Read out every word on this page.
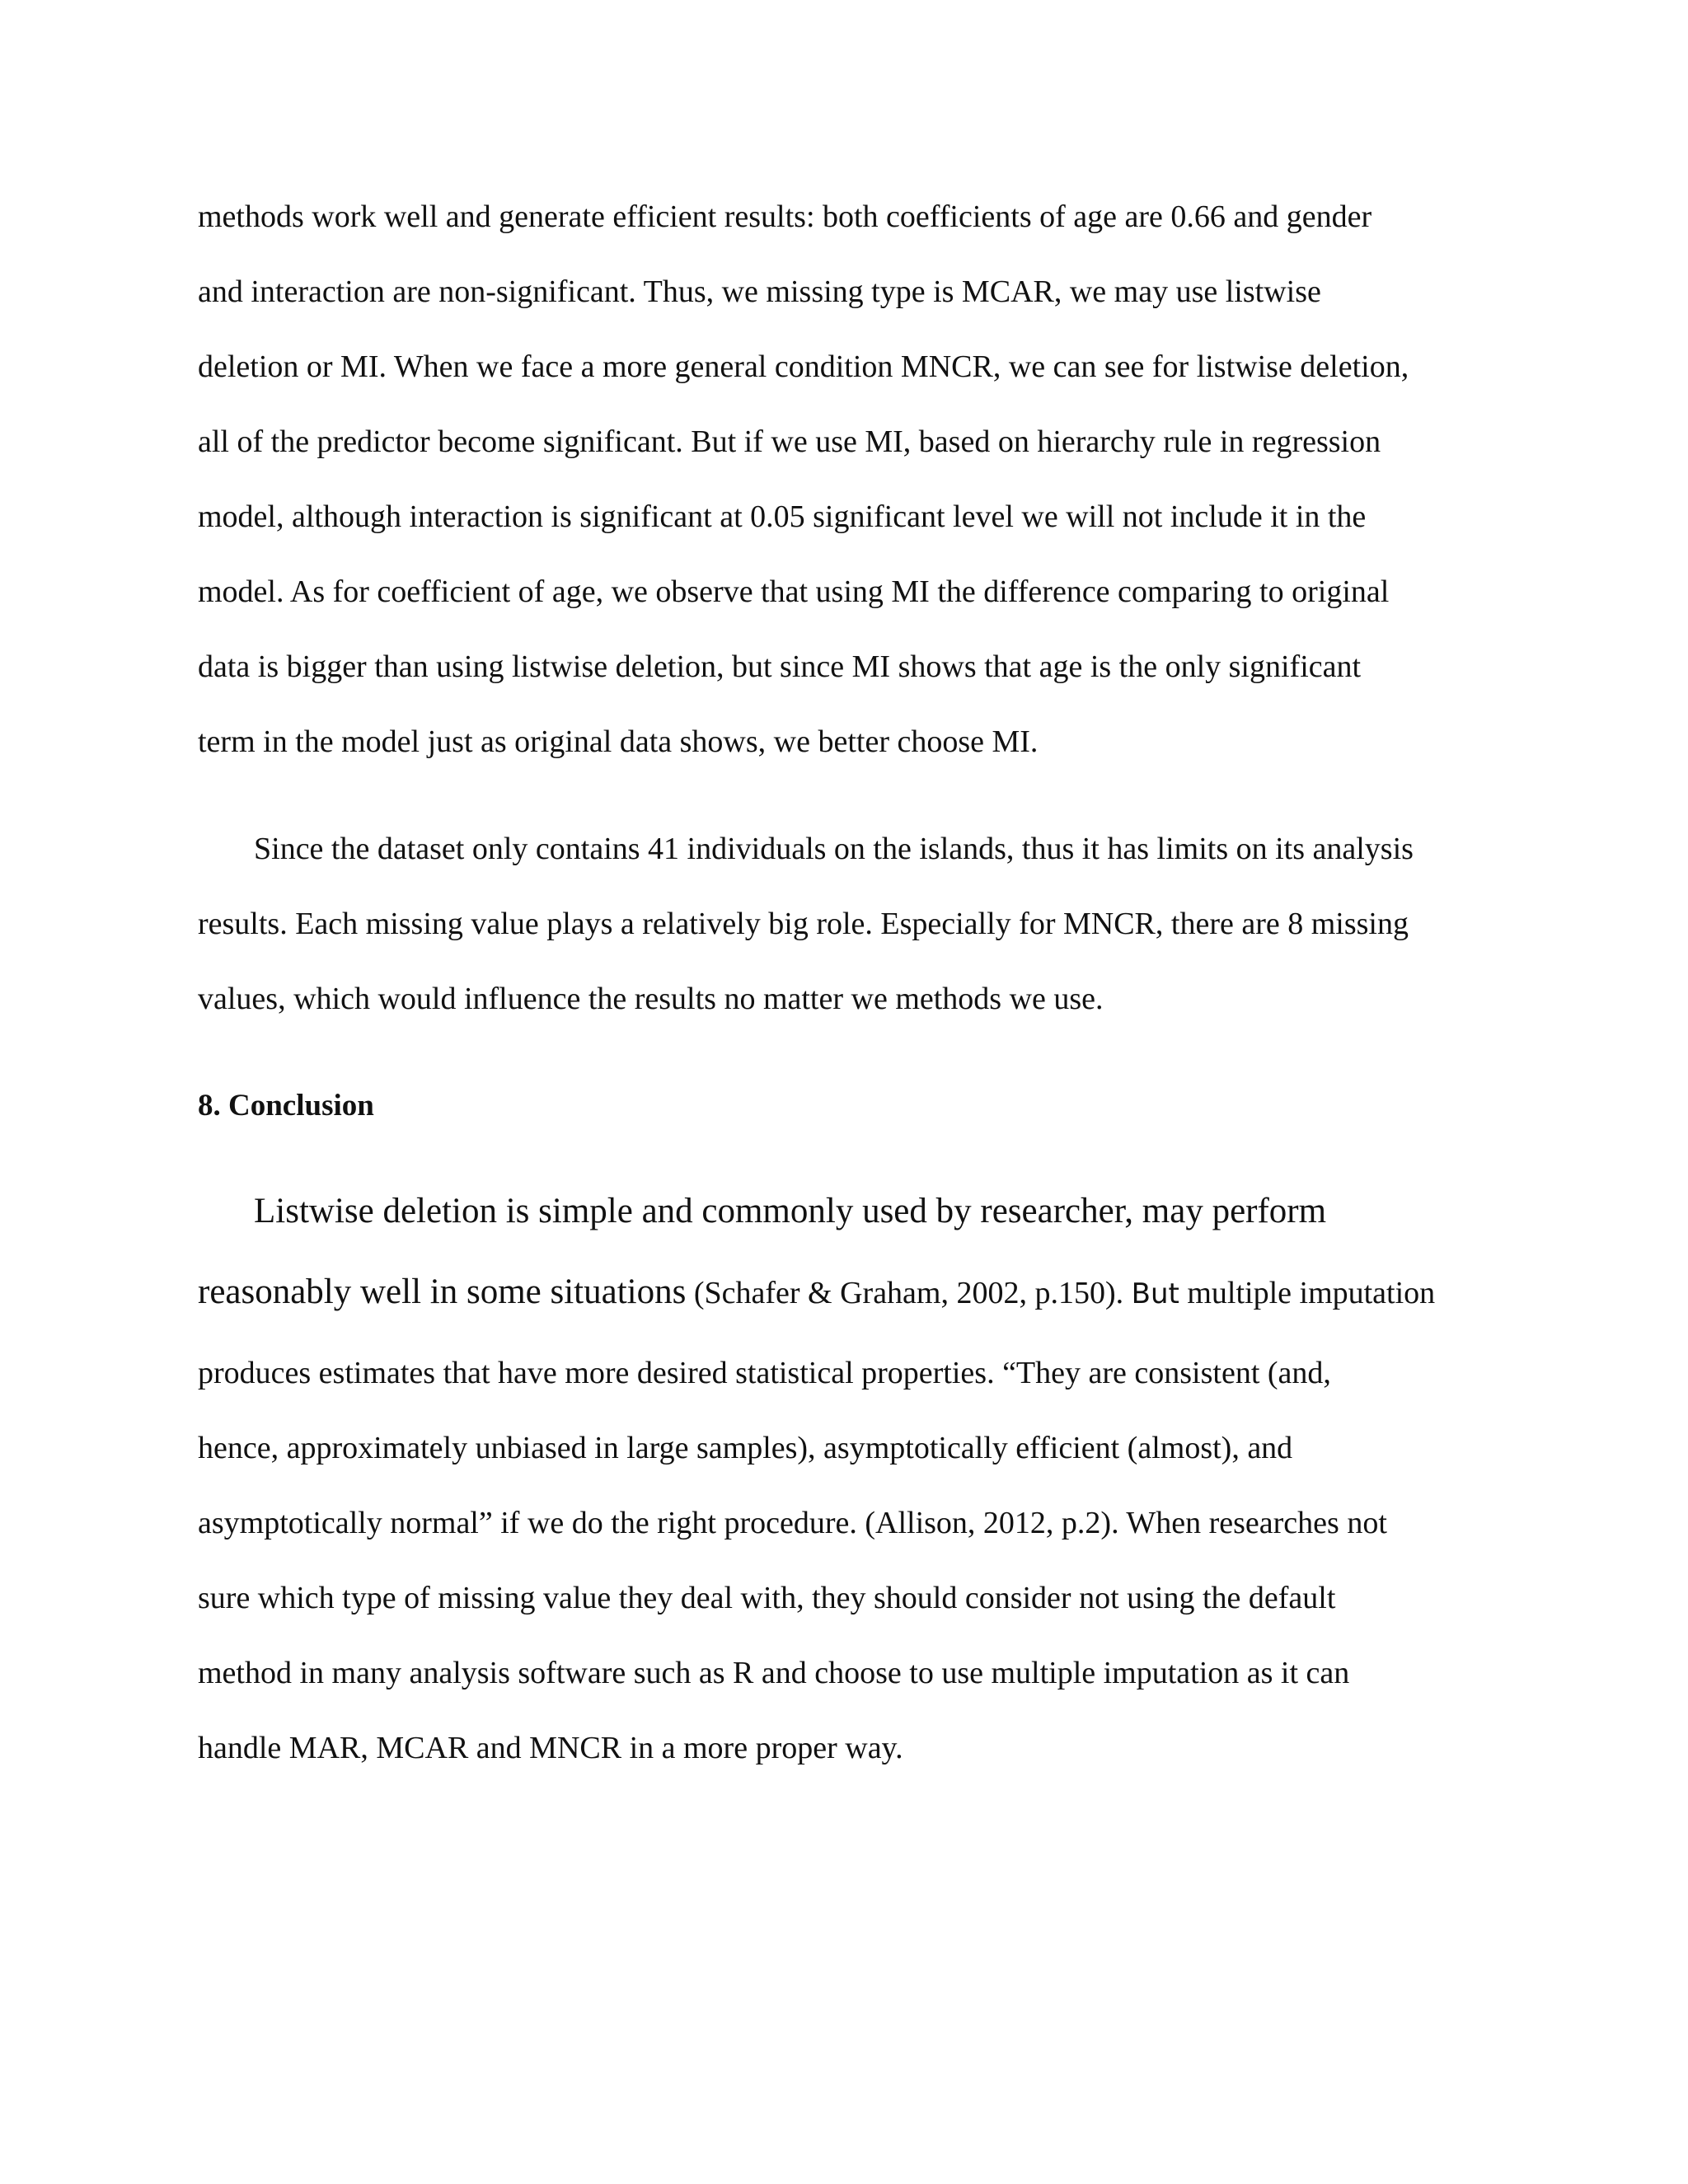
methods work well and generate efficient results: both coefficients of age are 0.66 and gender

and interaction are non-significant. Thus, we missing type is MCAR, we may use listwise

deletion or MI. When we face a more general condition MNCR, we can see for listwise deletion,

all of the predictor become significant. But if we use MI, based on hierarchy rule in regression

model, although interaction is significant at 0.05 significant level we will not include it in the

model. As for coefficient of age, we observe that using MI the difference comparing to original

data is bigger than using listwise deletion, but since MI shows that age is the only significant

term in the model just as original data shows, we better choose MI.

Since the dataset only contains 41 individuals on the islands, thus it has limits on its analysis

results. Each missing value plays a relatively big role. Especially for MNCR, there are 8 missing

values, which would influence the results no matter we methods we use.

8. Conclusion

Listwise deletion is simple and commonly used by researcher, may perform

reasonably well in some situations (Schafer & Graham, 2002, p.150). But multiple imputation

produces estimates that have more desired statistical properties. “They are consistent (and,

hence, approximately unbiased in large samples), asymptotically efficient (almost), and

asymptotically normal” if we do the right procedure. (Allison, 2012, p.2). When researches not

sure which type of missing value they deal with, they should consider not using the default

method in many analysis software such as R and choose to use multiple imputation as it can

handle MAR, MCAR and MNCR in a more proper way.
